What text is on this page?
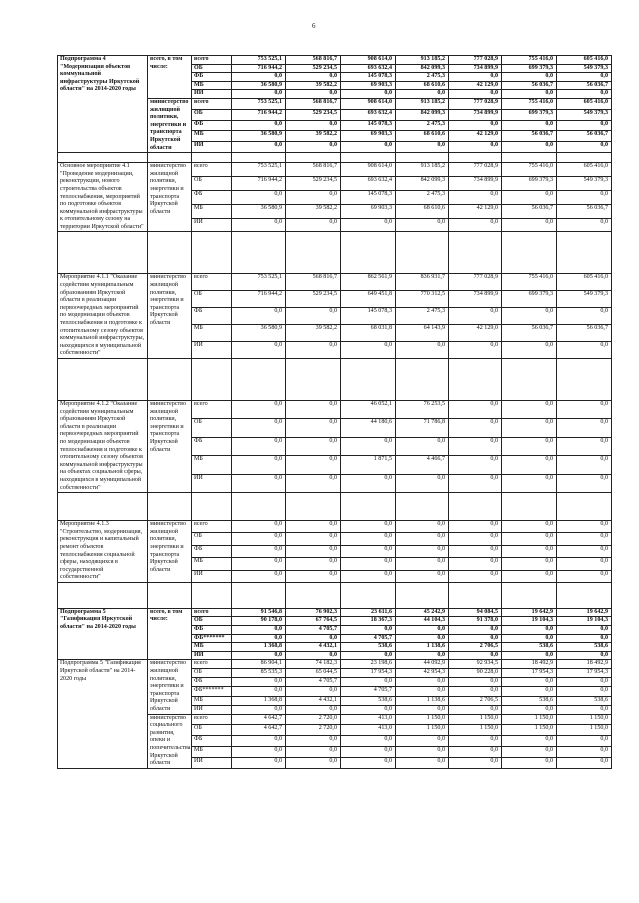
6
Подпрограмма 4 "Модернизация объектов коммунальной инфраструктуры Иркутской области" на 2014-2020 годы	всего, в том числе:	всего	753 525,1	568 816,7	908 614,0	913 185,2	777 028,9	755 416,0	605 416,0
		ОБ	716 944,2	529 234,5	693 632,4	842 099,3	734 899,9	699 379,3	549 379,3
		ФБ	0,0	0,0	145 078,3	2 475,3	0,0	0,0	0,0
		МБ	36 580,9	39 582,2	69 903,3	68 610,6	42 129,0	56 036,7	56 036,7
		ИИ	0,0	0,0	0,0	0,0	0,0	0,0	0,0
	министерство жилищной политики, энергетики и транспорта Иркутской области	всего	753 525,1	568 816,7	908 614,0	913 185,2	777 028,9	755 416,0	605 416,0
		ОБ	716 944,2	529 234,5	693 632,4	842 099,3	734 899,9	699 379,3	549 379,3
		ФБ	0,0	0,0	145 078,3	2 475,3	0,0	0,0	0,0
		МБ	36 580,9	39 582,2	69 903,3	68 610,6	42 129,0	56 036,7	56 036,7
		ИИ	0,0	0,0	0,0	0,0	0,0	0,0	0,0

Основное мероприятие 4.1 "Проведение модернизации, реконструкции, нового строительства объектов теплоснабжения, мероприятий по подготовке объектов коммунальной инфраструктуры к отопительному сезону на территории Иркутской области"	министерство жилищной политики, энергетики и транспорта Иркутской области	всего	753 525,1	568 816,7	908 614,0	913 185,2	777 028,9	755 416,0	605 416,0
		ОБ	716 944,2	529 234,5	693 632,4	842 099,3	734 899,9	699 379,3	549 379,3
		ФБ	0,0	0,0	145 078,3	2 475,3	0,0	0,0	0,0
		МБ	36 580,9	39 582,2	69 903,3	68 610,6	42 129,0	56 036,7	56 036,7
		ИИ	0,0	0,0	0,0	0,0	0,0	0,0	0,0

Мероприятие 4.1.1 "Оказание содействия муниципальным образованиям Иркутской области в реализации первоочередных мероприятий по модернизации объектов теплоснабжения и подготовке к отопительному сезону объектов коммунальной инфраструктуры, находящихся в муниципальной собственности"	министерство жилищной политики, энергетики и транспорта Иркутской области	всего	753 525,1	568 816,7	862 561,9	836 931,7	777 028,9	755 416,0	605 416,0
		ОБ	716 944,2	529 234,5	649 451,8	770 312,5	734 899,9	699 379,3	549 379,3
		ФБ	0,0	0,0	145 078,3	2 475,3	0,0	0,0	0,0
		МБ	36 580,9	39 582,2	68 031,8	64 143,9	42 129,0	56 036,7	56 036,7
		ИИ	0,0	0,0	0,0	0,0	0,0	0,0	0,0

Мероприятие 4.1.2 "Оказание содействия муниципальным образованиям Иркутской области в реализации первоочередных мероприятий по модернизации объектов теплоснабжения и подготовке к отопительному сезону объектов коммунальной инфраструктуры на объектах социальной сферы, находящихся в муниципальной собственности"	министерство жилищной политики, энергетики и транспорта Иркутской области	всего	0,0	0,0	46 052,1	76 253,5	0,0	0,0	0,0
		ОБ	0,0	0,0	44 180,6	71 786,8	0,0	0,0	0,0
		ФБ	0,0	0,0	0,0	0,0	0,0	0,0	0,0
		МБ	0,0	0,0	1 871,5	4 466,7	0,0	0,0	0,0
		ИИ	0,0	0,0	0,0	0,0	0,0	0,0	0,0

Мероприятие 4.1.3 "Строительство, модернизация, реконструкция и капитальный ремонт объектов теплоснабжения социальной сферы, находящихся в государственной собственности"	министерство жилищной политики, энергетики и транспорта Иркутской области	всего	0,0	0,0	0,0	0,0	0,0	0,0	0,0
		ОБ	0,0	0,0	0,0	0,0	0,0	0,0	0,0
		ФБ	0,0	0,0	0,0	0,0	0,0	0,0	0,0
		МБ	0,0	0,0	0,0	0,0	0,0	0,0	0,0
		ИИ	0,0	0,0	0,0	0,0	0,0	0,0	0,0

Подпрограмма 5 "Газификация Иркутской области" на 2014-2020 годы	всего, в том числе:	всего	91 546,8	76 902,3	23 611,6	45 242,9	94 084,5	19 642,9	19 642,9
		ОБ	90 178,0	67 764,5	18 367,3	44 104,3	91 378,0	19 104,3	19 104,3
		ФБ	0,0	4 705,7	0,0	0,0	0,0	0,0	0,0
		ФБ*******	0,0	0,0	4 705,7	0,0	0,0	0,0	0,0
		МБ	1 368,8	4 432,1	538,6	1 138,6	2 706,5	538,6	538,6
		ИИ	0,0	0,0	0,0	0,0	0,0	0,0	0,0
Подпрограмма 5 "Газификация Иркутской области" на 2014-2020 годы	министерство жилищной политики, энергетики и транспорта Иркутской области	всего	86 904,1	74 182,3	23 198,6	44 092,9	92 934,5	18 492,9	18 492,9
		ОБ	85 535,3	65 044,5	17 954,3	42 954,3	90 228,0	17 954,3	17 954,3
		ФБ	0,0	4 705,7	0,0	0,0	0,0	0,0	0,0
		ФБ*******	0,0	0,0	4 705,7	0,0	0,0	0,0	0,0
		МБ	1 368,8	4 432,1	538,6	1 138,6	2 706,5	538,6	538,6
		ИИ	0,0	0,0	0,0	0,0	0,0	0,0	0,0
	министерство социального развития, опеки и попечительства Иркутской области	всего	4 642,7	2 720,0	413,0	1 150,0	1 150,0	1 150,0	1 150,0
		ОБ	4 642,7	2 720,0	413,0	1 150,0	1 150,0	1 150,0	1 150,0
		ФБ	0,0	0,0	0,0	0,0	0,0	0,0	0,0
		МБ	0,0	0,0	0,0	0,0	0,0	0,0	0,0
		ИИ	0,0	0,0	0,0	0,0	0,0	0,0	0,0
